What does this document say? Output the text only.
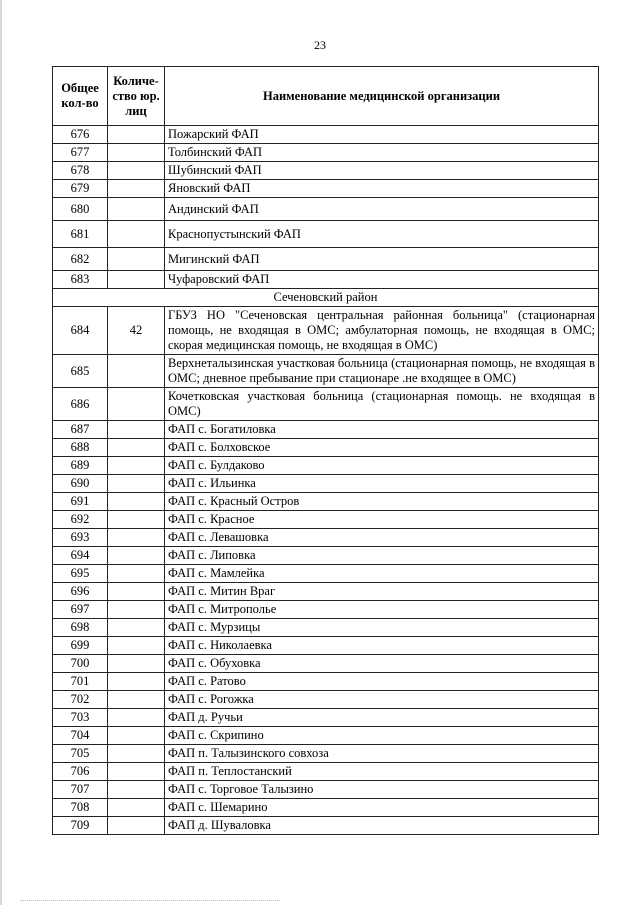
23
Общее кол-во	Количе-ство юр. лиц	Наименование медицинской организации
676		Пожарский ФАП
677		Толбинский ФАП
678		Шубинский ФАП
679		Яновский ФАП
680		Андинский ФАП
681		Краснопустынский ФАП
682		Мигинский ФАП
683		Чуфаровский ФАП
Сеченовский район		
684	42	ГБУЗ НО "Сеченовская центральная районная больница" (стационарная помощь, не входящая в ОМС; амбулаторная помощь, не входящая в ОМС; скорая медицинская помощь, не входящая в ОМС)
685		Верхнеталызинская участковая больница (стационарная помощь, не входящая в ОМС; дневное пребывание при стационаре .не входящее в ОМС)
686		Кочетковская участковая больница (стационарная помощь. не входящая в ОМС)
687		ФАП с. Богатиловка
688		ФАП с. Болховское
689		ФАП с. Булдаково
690		ФАП с. Ильинка
691		ФАП с. Красный Остров
692		ФАП с. Красное
693		ФАП с. Левашовка
694		ФАП с. Липовка
695		ФАП с. Мамлейка
696		ФАП с. Митин Враг
697		ФАП с. Митрополье
698		ФАП с. Мурзицы
699		ФАП с. Николаевка
700		ФАП с. Обуховка
701		ФАП с. Ратово
702		ФАП с. Рогожка
703		ФАП д. Ручьи
704		ФАП с. Скрипино
705		ФАП п. Талызинского совхоза
706		ФАП п. Теплостанский
707		ФАП с. Торговое Талызино
708		ФАП с. Шемарино
709		ФАП д. Шуваловка
